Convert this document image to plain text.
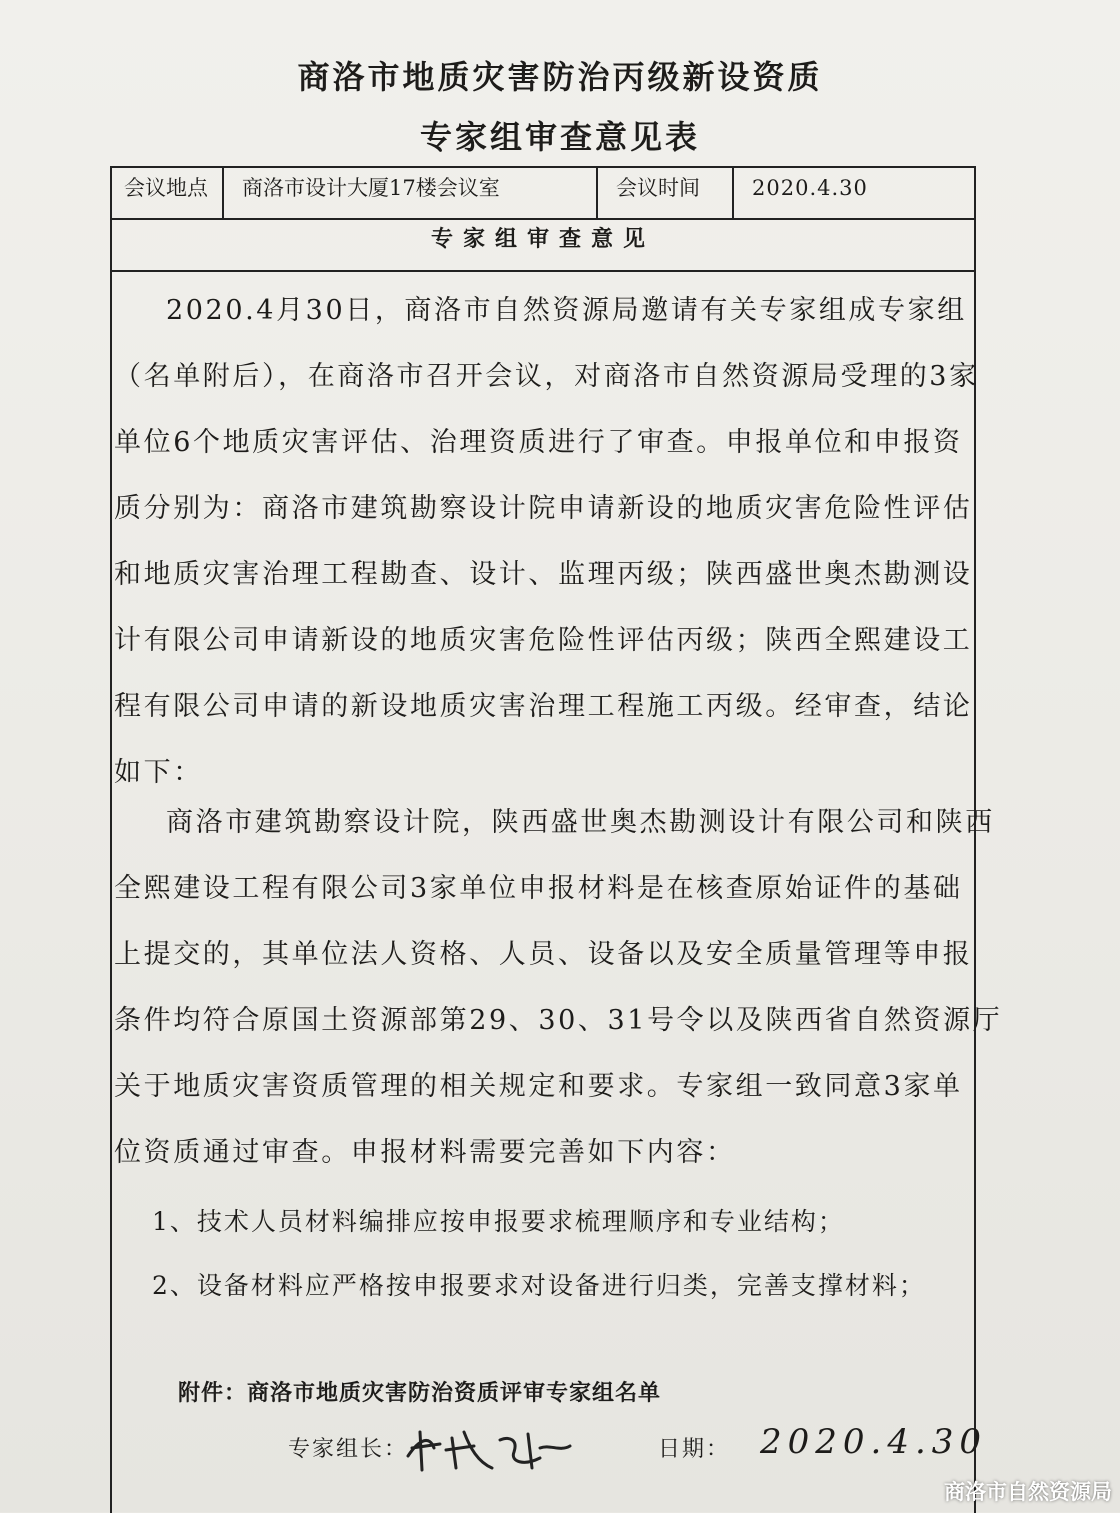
商洛市地质灾害防治丙级新设资质
专家组审查意见表
会议地点 商洛市设计大厦17楼会议室	会议时间 2020.4.30
专家组审查意见
2020.4月30日，商洛市自然资源局邀请有关专家组成专家组
（名单附后），在商洛市召开会议，对商洛市自然资源局受理的3家
单位6个地质灾害评估、治理资质进行了审查。申报单位和申报资
质分别为：商洛市建筑勘察设计院申请新设的地质灾害危险性评估
和地质灾害治理工程勘查、设计、监理丙级；陕西盛世奥杰勘测设
计有限公司申请新设的地质灾害危险性评估丙级；陕西全熙建设工
程有限公司申请的新设地质灾害治理工程施工丙级。经审查，结论
如下：
商洛市建筑勘察设计院，陕西盛世奥杰勘测设计有限公司和陕西
全熙建设工程有限公司3家单位申报材料是在核查原始证件的基础
上提交的，其单位法人资格、人员、设备以及安全质量管理等申报
条件均符合原国土资源部第29、30、31号令以及陕西省自然资源厅
关于地质灾害资质管理的相关规定和要求。专家组一致同意3家单
位资质通过审查。申报材料需要完善如下内容：
1、技术人员材料编排应按申报要求梳理顺序和专业结构；
2、设备材料应严格按申报要求对设备进行归类，完善支撑材料；
附件：商洛市地质灾害防治资质评审专家组名单
专家组长：	日期： 2020.4.30
商洛市自然资源局
